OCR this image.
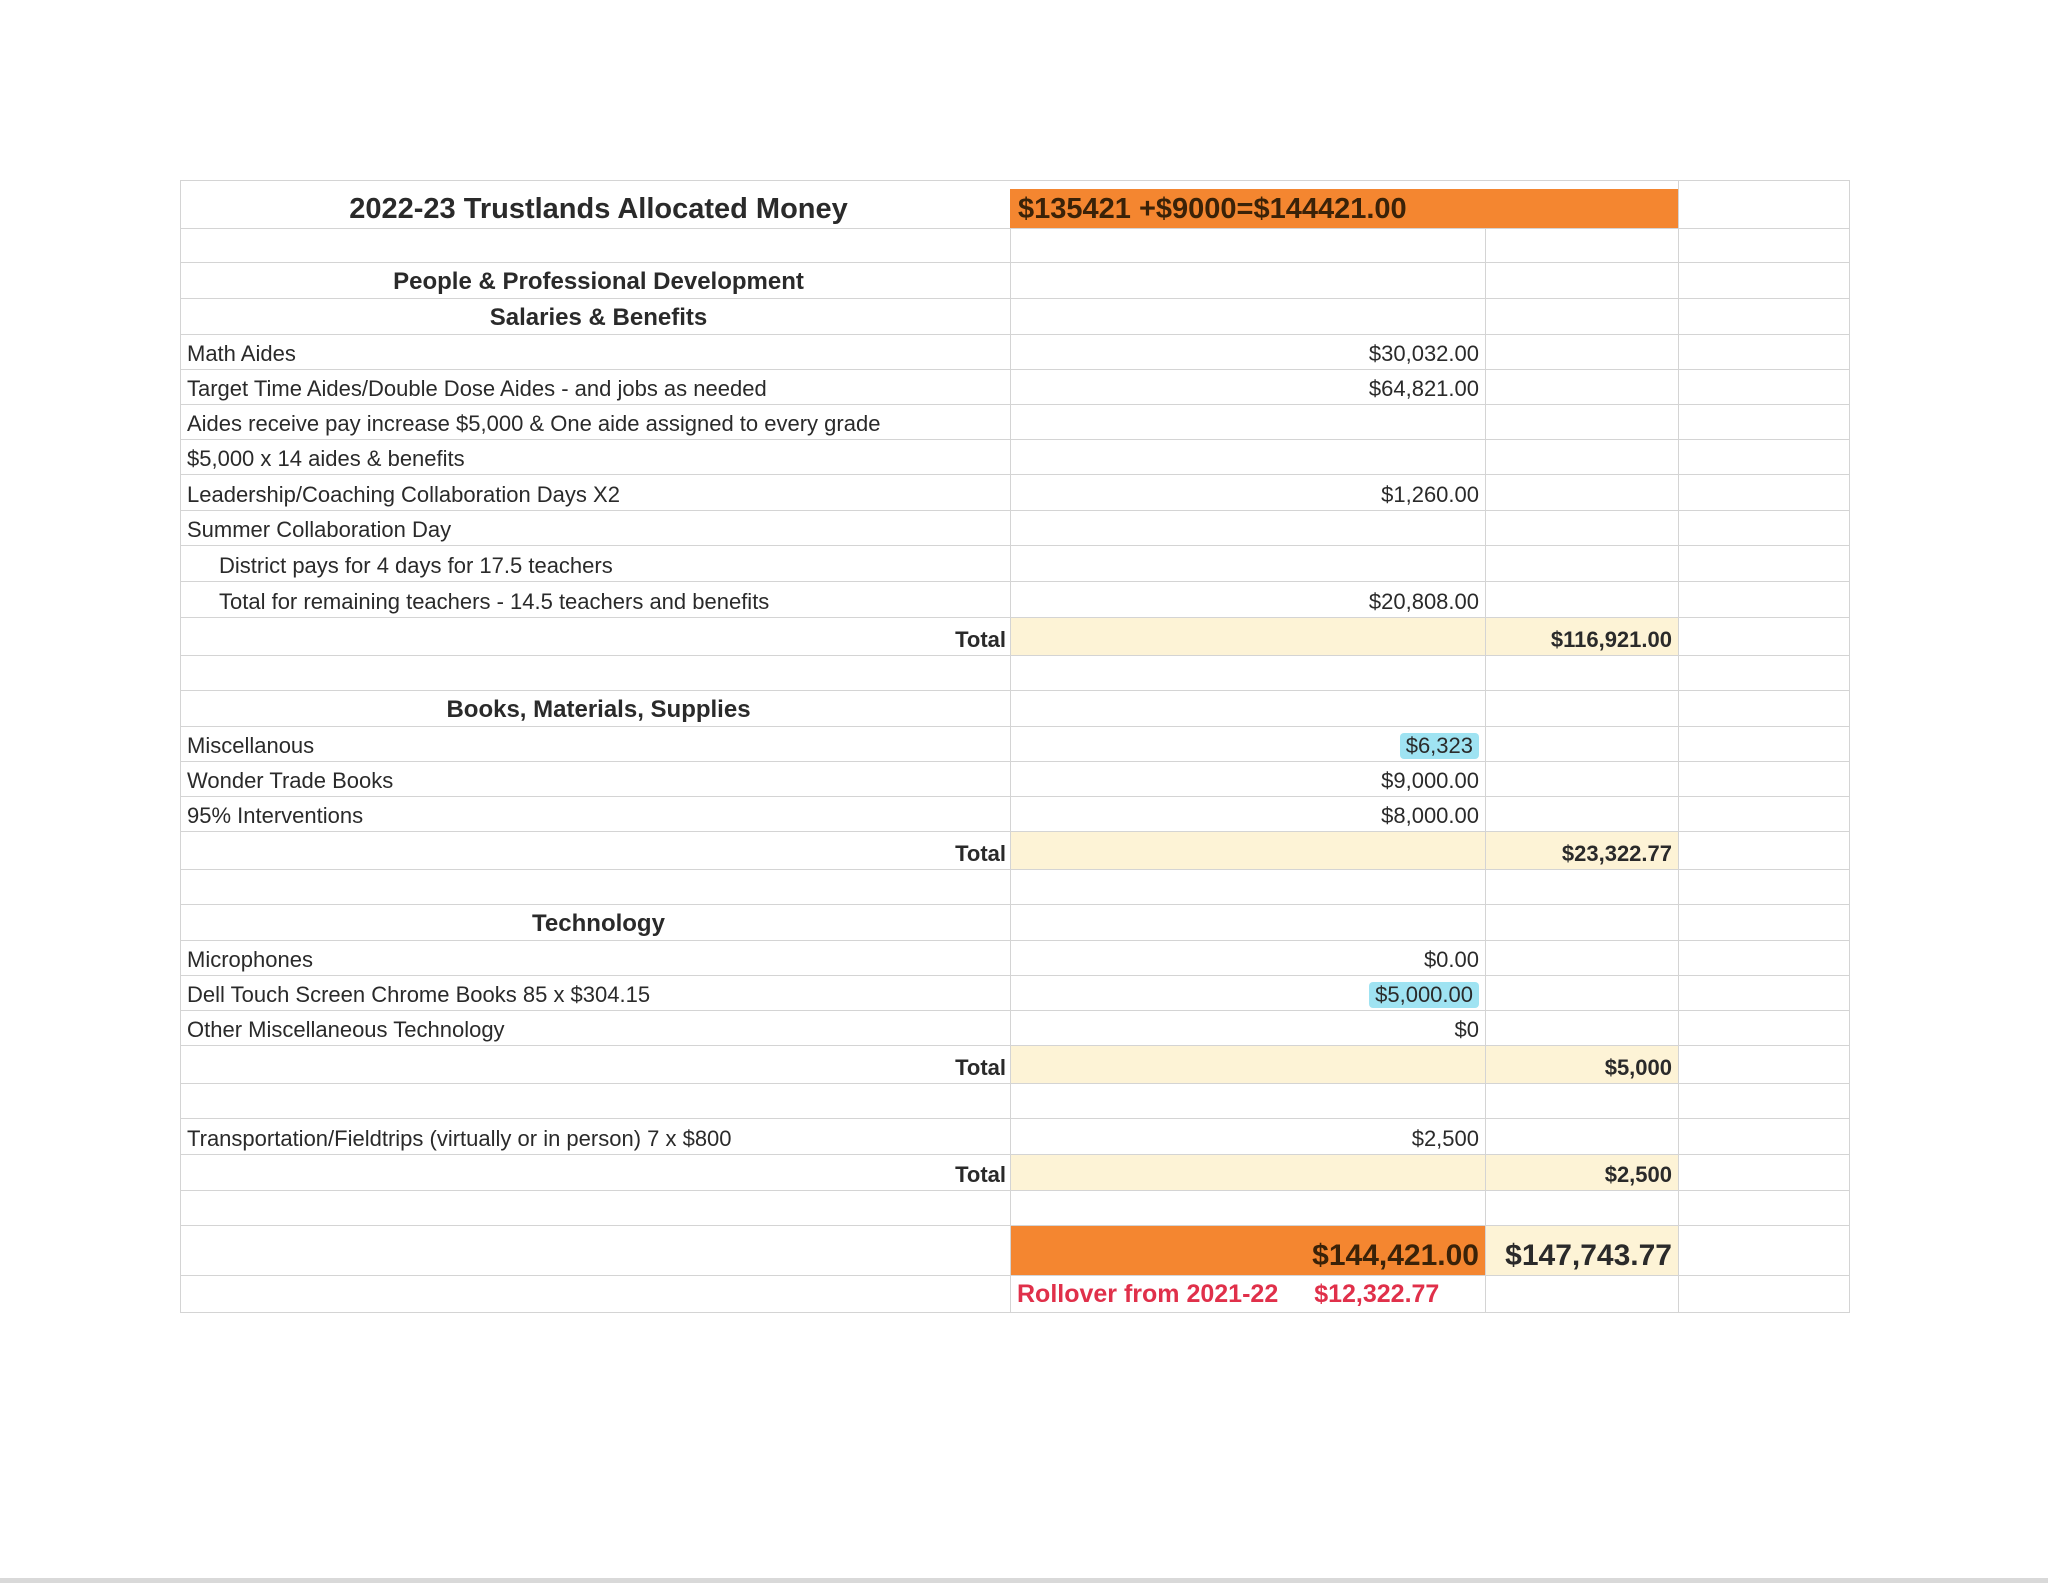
2022-23 Trustlands Allocated Money	$135421 +$9000=$144421.00
People & Professional Development
Salaries & Benefits
Math Aides	$30,032.00
Target Time Aides/Double Dose Aides - and jobs as needed	$64,821.00
Aides receive pay increase $5,000 & One aide assigned to every grade
$5,000 x 14 aides & benefits
Leadership/Coaching Collaboration Days X2	$1,260.00
Summer Collaboration Day
District pays for 4 days for 17.5 teachers
Total for remaining teachers - 14.5 teachers and benefits	$20,808.00
Total	$116,921.00
Books, Materials, Supplies
Miscellanous	$6,323
Wonder Trade Books	$9,000.00
95% Interventions	$8,000.00
Total	$23,322.77
Technology
Microphones	$0.00
Dell Touch Screen Chrome Books 85 x $304.15	$5,000.00
Other Miscellaneous Technology	$0
Total	$5,000
Transportation/Fieldtrips (virtually or in person) 7 x $800	$2,500
Total	$2,500
$144,421.00 $147,743.77
Rollover from 2021-22 $12,322.77
